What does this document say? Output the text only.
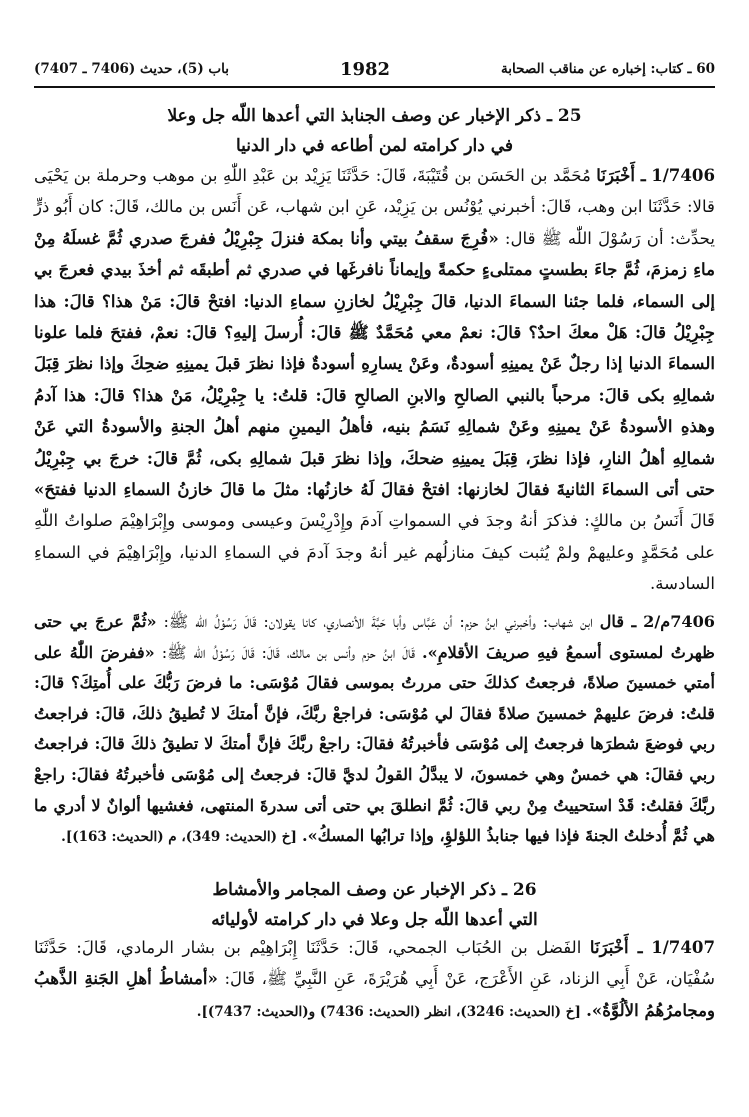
60 ـ كتاب: إخباره عن مناقب الصحابة
1982
باب (5)، حديث (7406 ـ 7407)
25 ـ ذكر الإخبار عن وصف الجنابذ التي أعدها اللّه جل وعلا
في دار كرامته لمن أطاعه في دار الدنيا
1/7406 ـ أَخْبَرَنَا مُحَمَّد بن الحَسَن بن قُتَيْبَةَ، قَالَ: حَدَّثَنَا يَزِيْد بن عَبْدِ اللّٰهِ بن موهب وحرملة بن يَحْيَى قالا: حَدَّثَنَا ابن وهب، قَالَ: أخبرني يُوْنُس بن يَزِيْد، عَنِ ابن شهاب، عَن أَنَس بن مالك، قَالَ: كان أَبُو ذرٍّ يحدِّث: أن رَسُوْلَ اللّٰه ﷺ قال: «فُرِجَ سقفُ بيتي وأنا بمكة فنزلَ جِبْرِيْلُ ففرجَ صدري ثُمَّ غسلَهُ مِنْ ماءِ زمزمَ، ثُمَّ جاءَ بطستٍ ممتلىءٍ حكمةً وإيماناً نافرغَها في صدري ثم أطبقَه ثم أخذَ بيدي فعرجَ بي إلى السماء، فلما جئنا السماءَ الدنيا، قالَ جِبْرِيْلُ لخازنِ سماءِ الدنيا: افتحْ قالَ: مَنْ هذا؟ قالَ: هذا جِبْرِيْلُ قالَ: هَلْ معكَ احدٌ؟ قالَ: نعمْ معي مُحَمَّدٌ ﷺ قالَ: أُرسلَ إليهِ؟ قالَ: نعمْ، ففتحَ فلما علونا السماءَ الدنيا إذا رجلٌ عَنْ يمينِهِ أسودةٌ، وعَنْ يسارِهِ أسودةٌ فإذا نظرَ قبلَ يمينِهِ ضحِكَ وإذا نظرَ قِبَلَ شمالِهِ بكى قالَ: مرحباً بالنبي الصالحِ والابنِ الصالحِ قالَ: قلتُ: يا جِبْرِيْلُ، مَنْ هذا؟ قالَ: هذا آدمُ وهذهِ الأسودةُ عَنْ يمينِهِ وعَنْ شمالِهِ نَسَمُ بنيه، فأهلُ اليمينِ منهم أهلُ الجنةِ والأسودةُ التي عَنْ شمالِهِ أهلُ النارِ، فإذا نظرَ، قِبَلَ يمينِهِ ضحكَ، وإذا نظرَ قبلَ شمالِهِ بكى، ثُمَّ قالَ: خرجَ بي جِبْرِيْلُ حتى أتى السماءَ الثانيةَ فقالَ لخازنها: افتحْ فقالَ لَهُ خازنُها: مثلَ ما قالَ خازنُ السماءِ الدنيا ففتحَ» قَالَ أَنَسُ بن مالكٍ: فذكرَ أنهُ وجدَ في السمواتِ آدمَ وإِدْرِيْسَ وعيسى وموسى وإِبْرَاهِيْمَ صلواتُ اللّٰهِ على مُحَمَّدٍ وعليهمْ ولمْ يُثبت كيفَ منازلُهم غير أنهُ وجدَ آدمَ في السماءِ الدنيا، وإِبْرَاهِيْمَ في السماءِ السادسة.
7406م/2 ـ قال ابن شهاب: وأخبرني ابنُ حزم: أن عَبَّاس وأبا حَبَّةَ الأنصاري، كانا يقولان: قَالَ رَسُوْلُ اللّٰه ﷺ: «ثُمَّ عرجَ بي حتى ظهرتُ لمستوى أسمعُ فيهِ صريفَ الأقلامِ». قَالَ ابنُ حزم وأنس بن مالك، قَالَ: قَالَ رَسُوْلُ اللّٰه ﷺ: «ففرضَ اللّٰهُ على أمتي خمسينَ صلاةً، فرجعتُ كذلكَ حتى مررتُ بموسى فقالَ مُوْسَى: ما فرضَ رَبُّكَ على أُمتِكَ؟ قالَ: قلتُ: فرضَ عليهمْ خمسينَ صلاةً فقالَ لي مُوْسَى: فراجعْ ربَّكَ، فإنَّ أمتكَ لا تُطيقُ ذلكَ، قالَ: فراجعتُ ربي فوضعَ شطرَها فرجعتُ إلى مُوْسَى فأخبرتُهُ فقالَ: راجعْ ربَّكَ فإنَّ أمتكَ لا تطيقُ ذلكَ قالَ: فراجعتُ ربي فقالَ: هي خمسٌ وهي خمسونَ، لا يبدَّلُ القولُ لديَّ قالَ: فرجعتُ إلى مُوْسَى فأخبرتُهُ فقالَ: راجعْ ربَّكَ فقلتُ: قَدْ استحييتُ مِنْ ربي قالَ: ثُمَّ انطلقَ بي حتى أتى سدرةَ المنتهى، فغشيها ألوانٌ لا أدري ما هي ثُمَّ أُدخلتُ الجنةَ فإذا فيها جنابذُ اللؤلؤِ، وإذا ترابُها المسكُ». [خ (الحديث: 349)، م (الحديث: 163)].
26 ـ ذكر الإخبار عن وصف المجامر والأمشاط
التي أعدها اللّه جل وعلا في دار كرامته لأوليائه
1/7407 ـ أَخْبَرَنَا الفَضل بن الحُبَاب الجمحي، قَالَ: حَدَّثَنَا إِبْرَاهِيْم بن بشار الرمادي، قَالَ: حَدَّثَنَا سُفْيَان، عَنْ أَبِي الزناد، عَنِ الأَعْرَج، عَنْ أَبِي هُرَيْرَةَ، عَنِ النَّبِيِّ ﷺ، قَالَ: «أمشاطُ أهلِ الجَنةِ الذَّهبُ ومجامرُهُمُ الألُوَّةُ». [خ (الحديث: 3246)، انظر (الحديث: 7436) و(الحديث: 7437)].
